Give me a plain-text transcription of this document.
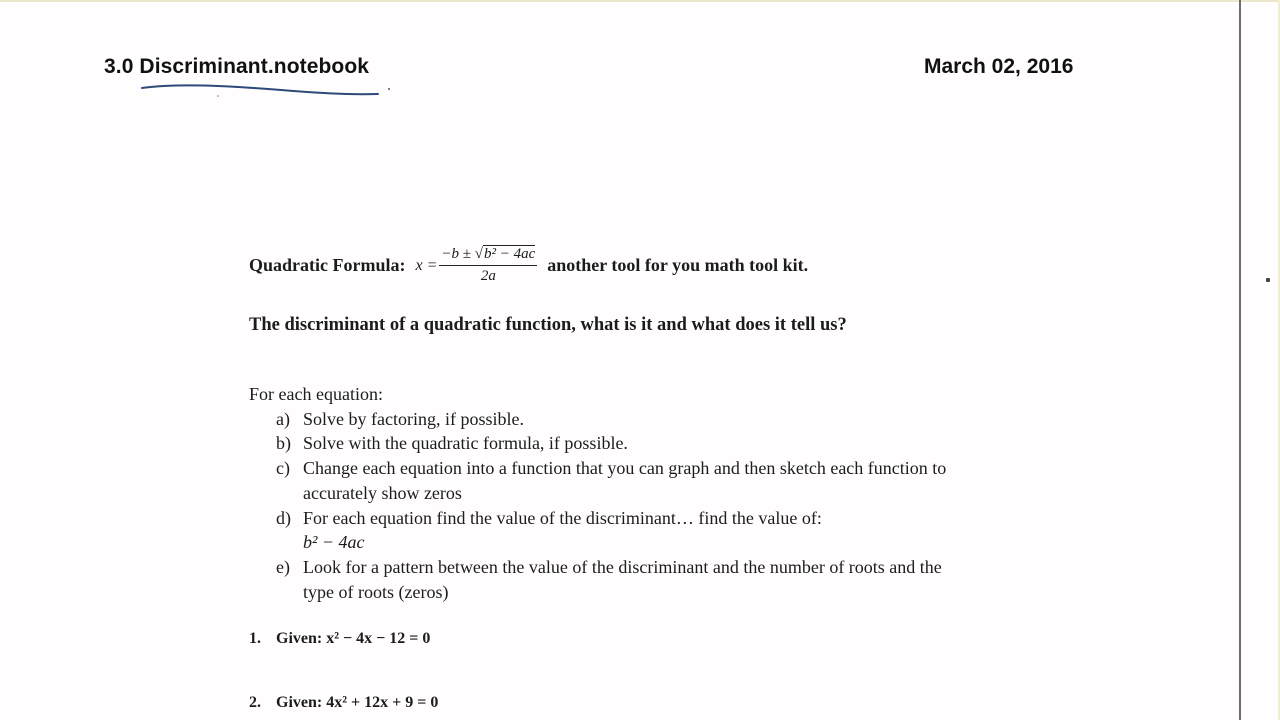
3.0 Discriminant.notebook	March 02, 2016
Quadratic Formula: $x = \frac{\text{−b ± √b² − 4ac}}{2a}$ another tool for you math tool kit.
The discriminant of a quadratic function, what is it and what does it tell us?
For each equation:
a) Solve by factoring, if possible.
b) Solve with the quadratic formula, if possible.
c) Change each equation into a function that you can graph and then sketch each function to accurately show zeros
d) For each equation find the value of the discriminant… find the value of:
b² − 4ac
e) Look for a pattern between the value of the discriminant and the number of roots and the type of roots (zeros)
1. Given: x² − 4x − 12 = 0
2. Given: 4x² + 12x + 9 = 0
